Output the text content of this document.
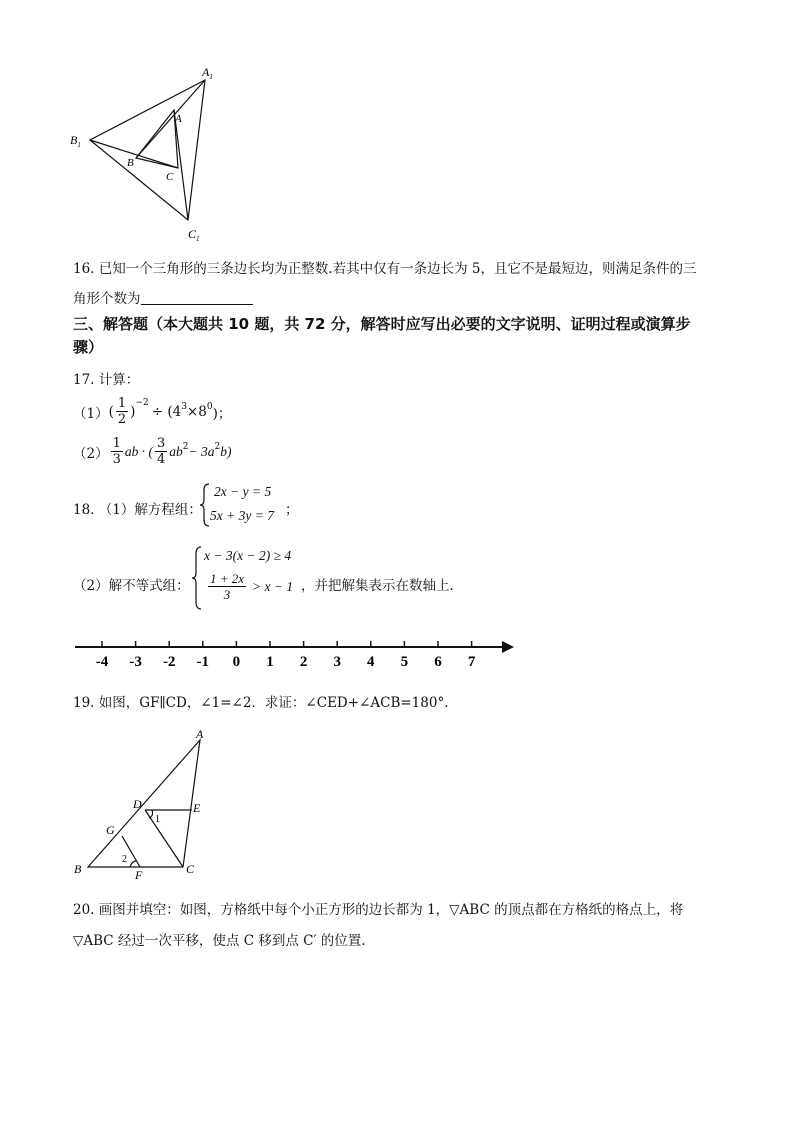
$A_1$
$B_1$
$C_1$
A
B
C
16. 已知一个三角形的三条边长均为正整数.若其中仅有一条边长为 5，且它不是最短边，则满足条件的三
角形个数为
三、解答题（本大题共 10 题，共 72 分，解答时应写出必要的文字说明、证明过程或演算步
骤）
17. 计算：
（1） ( $\frac{1}{2}$ )
$^{-2}$
÷ ($4^3 \times 8^0$ )；
$(2) \frac{1}{3}$ ab · ( $\frac{3}{4} ab^2 - 3a^2$ b)
18. （1）解方程组：
2x − y = 5
5x + 3y = 7 ；
（2）解不等式组：
x − 3(x − 2) ≥ 4
$\frac{1 + 2x}{3} > x - 1$ ，并把解集表示在数轴上.
-4 -3 -2 -1 0 1 2 3 4 5 6 7
19. 如图，GF∥CD，∠1=∠2．求证：∠CED+∠ACB=180°.
A
B	C
D	E
F
G
1
2
20. 画图并填空：如图，方格纸中每个小正方形的边长都为 1，▽ABC 的顶点都在方格纸的格点上，将
▽ABC 经过一次平移，使点 C 移到点 C′ 的位置.
